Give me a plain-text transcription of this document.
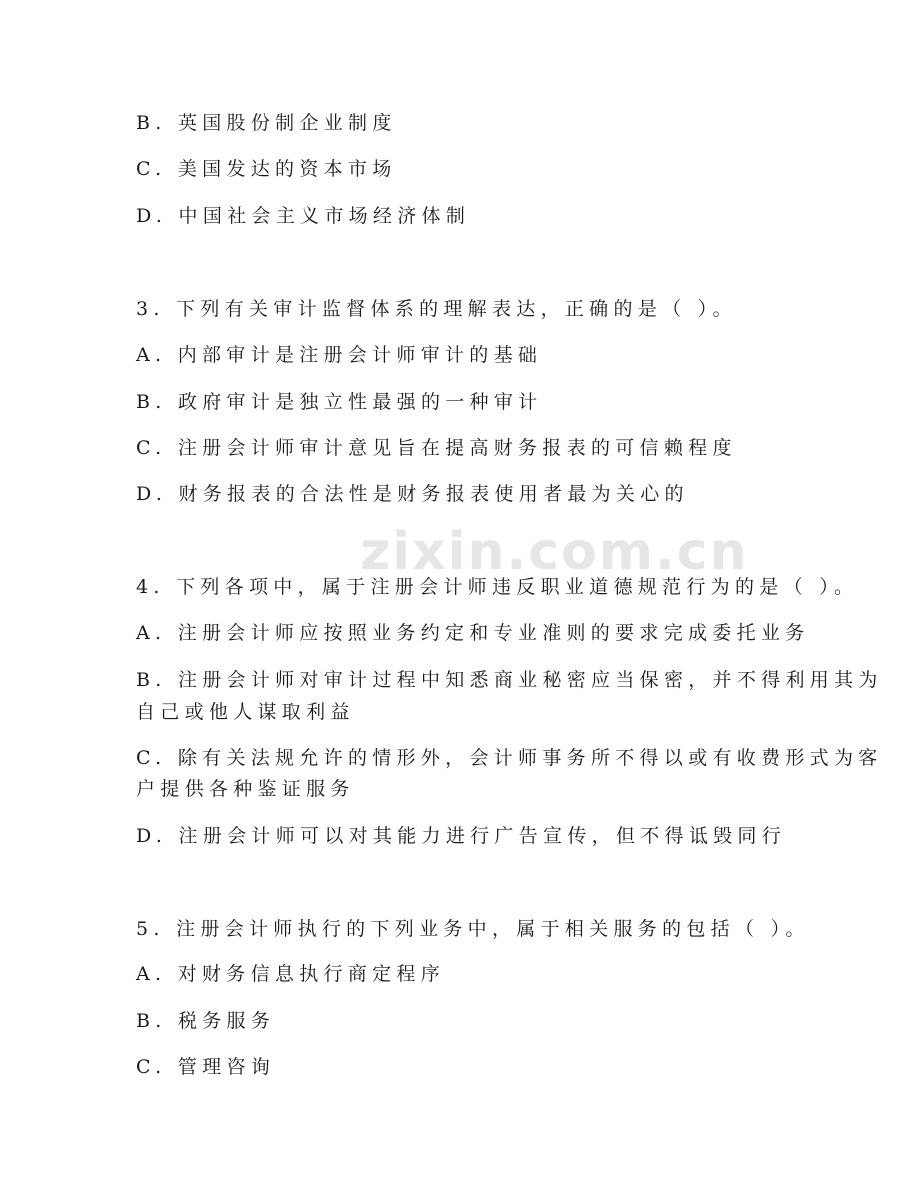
zixin.com.cn
B. 英国股份制企业制度
C. 美国发达的资本市场
D. 中国社会主义市场经济体制
3. 下列有关审计监督体系的理解表达，正确的是（ ）。
A. 内部审计是注册会计师审计的基础
B. 政府审计是独立性最强的一种审计
C. 注册会计师审计意见旨在提高财务报表的可信赖程度
D. 财务报表的合法性是财务报表使用者最为关心的
4. 下列各项中，属于注册会计师违反职业道德规范行为的是（ ）。
A. 注册会计师应按照业务约定和专业准则的要求完成委托业务
B. 注册会计师对审计过程中知悉商业秘密应当保密，并不得利用其为
自己或他人谋取利益
C. 除有关法规允许的情形外，会计师事务所不得以或有收费形式为客
户提供各种鉴证服务
D. 注册会计师可以对其能力进行广告宣传，但不得诋毁同行
5. 注册会计师执行的下列业务中，属于相关服务的包括（ ）。
A. 对财务信息执行商定程序
B. 税务服务
C. 管理咨询
